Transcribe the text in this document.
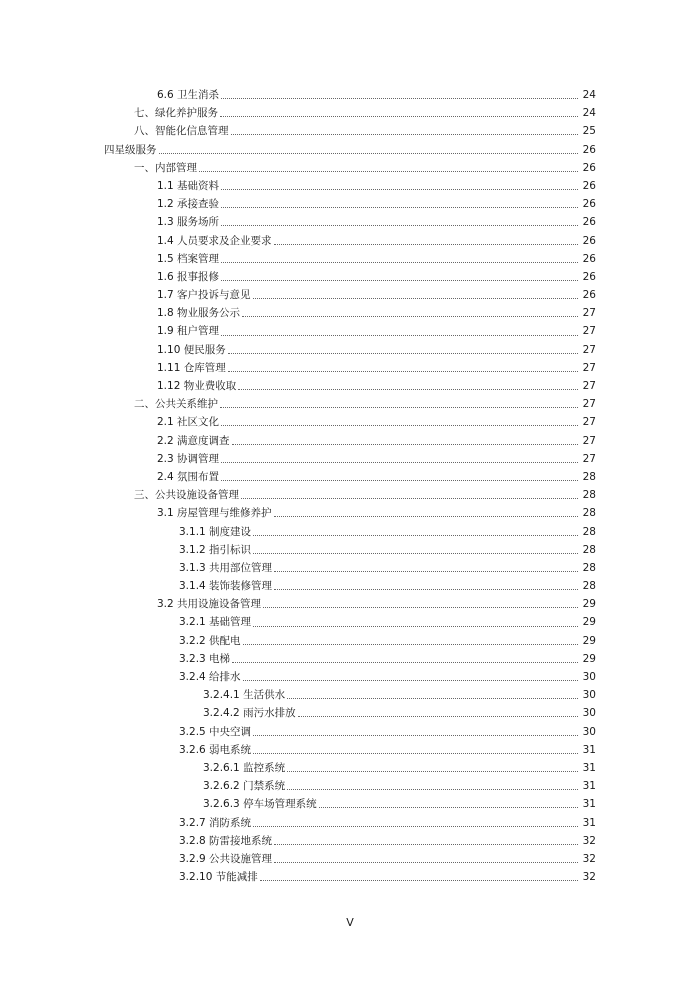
6.6 卫生消杀	24
七、绿化养护服务	24
八、智能化信息管理	25
四星级服务	26
一、内部管理	26
1.1 基础资料	26
1.2 承接查验	26
1.3 服务场所	26
1.4 人员要求及企业要求	26
1.5 档案管理	26
1.6 报事报修	26
1.7 客户投诉与意见	26
1.8 物业服务公示	27
1.9 租户管理	27
1.10 便民服务	27
1.11 仓库管理	27
1.12 物业费收取	27
二、公共关系维护	27
2.1 社区文化	27
2.2 满意度调查	27
2.3 协调管理	27
2.4 氛围布置	28
三、公共设施设备管理	28
3.1 房屋管理与维修养护	28
3.1.1 制度建设	28
3.1.2 指引标识	28
3.1.3 共用部位管理	28
3.1.4 装饰装修管理	28
3.2 共用设施设备管理	29
3.2.1 基础管理	29
3.2.2 供配电	29
3.2.3 电梯	29
3.2.4 给排水	30
3.2.4.1 生活供水	30
3.2.4.2 雨污水排放	30
3.2.5 中央空调	30
3.2.6 弱电系统	31
3.2.6.1 监控系统	31
3.2.6.2 门禁系统	31
3.2.6.3 停车场管理系统	31
3.2.7 消防系统	31
3.2.8 防雷接地系统	32
3.2.9 公共设施管理	32
3.2.10 节能减排	32
V
